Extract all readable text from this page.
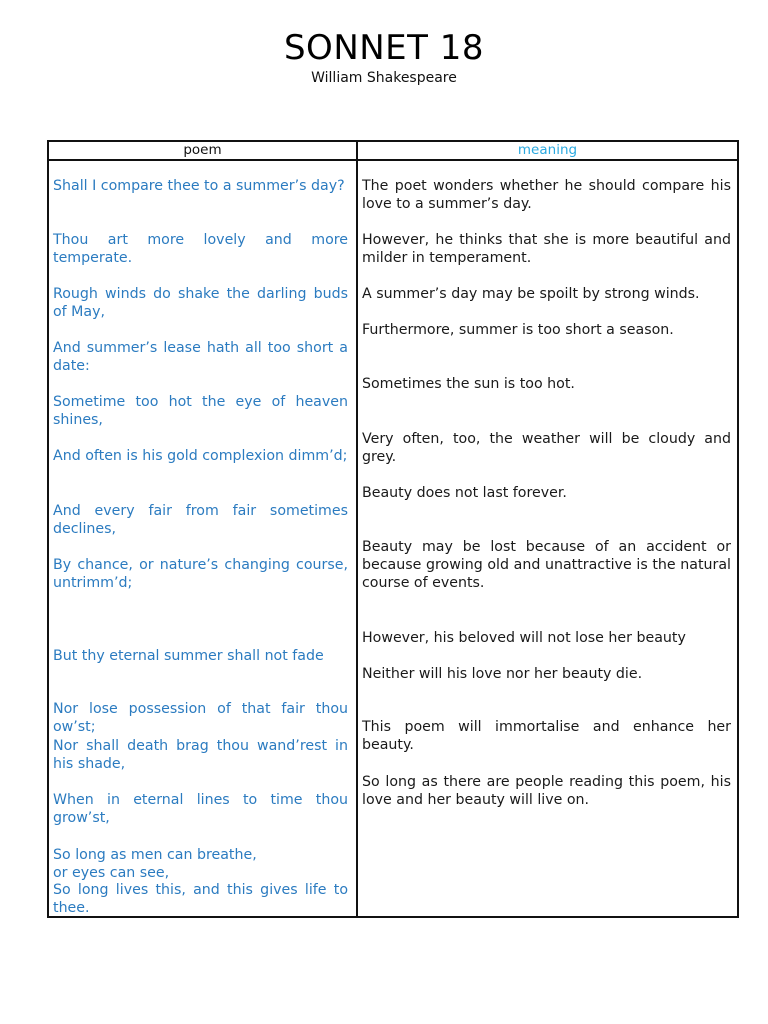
SONNET 18
William Shakespeare
poem	meaning
Shall I compare thee to a summer’s day?
Thou art more lovely and more temperate.
Rough winds do shake the darling buds of May,
And summer’s lease hath all too short a date:
Sometime too hot the eye of heaven shines,
And often is his gold complexion dimm’d;
And every fair from fair sometimes declines,
By chance, or nature’s changing course, untrimm’d;
But thy eternal summer shall not fade
Nor lose possession of that fair thou ow’st;
Nor shall death brag thou wand’rest in his shade,
When in eternal lines to time thou grow’st,
So long as men can breathe,
or eyes can see,
So long lives this, and this gives life to thee.
The poet wonders whether he should compare his love to a summer’s day.
However, he thinks that she is more beautiful and milder in temperament.
A summer’s day may be spoilt by strong winds.
Furthermore, summer is too short a season.
Sometimes the sun is too hot.
Very often, too, the weather will be cloudy and grey.
Beauty does not last forever.
Beauty may be lost because of an accident or because growing old and unattractive is the natural course of events.
However, his beloved will not lose her beauty
Neither will his love nor her beauty die.
This poem will immortalise and enhance her beauty.
So long as there are people reading this poem, his love and her beauty will live on.
